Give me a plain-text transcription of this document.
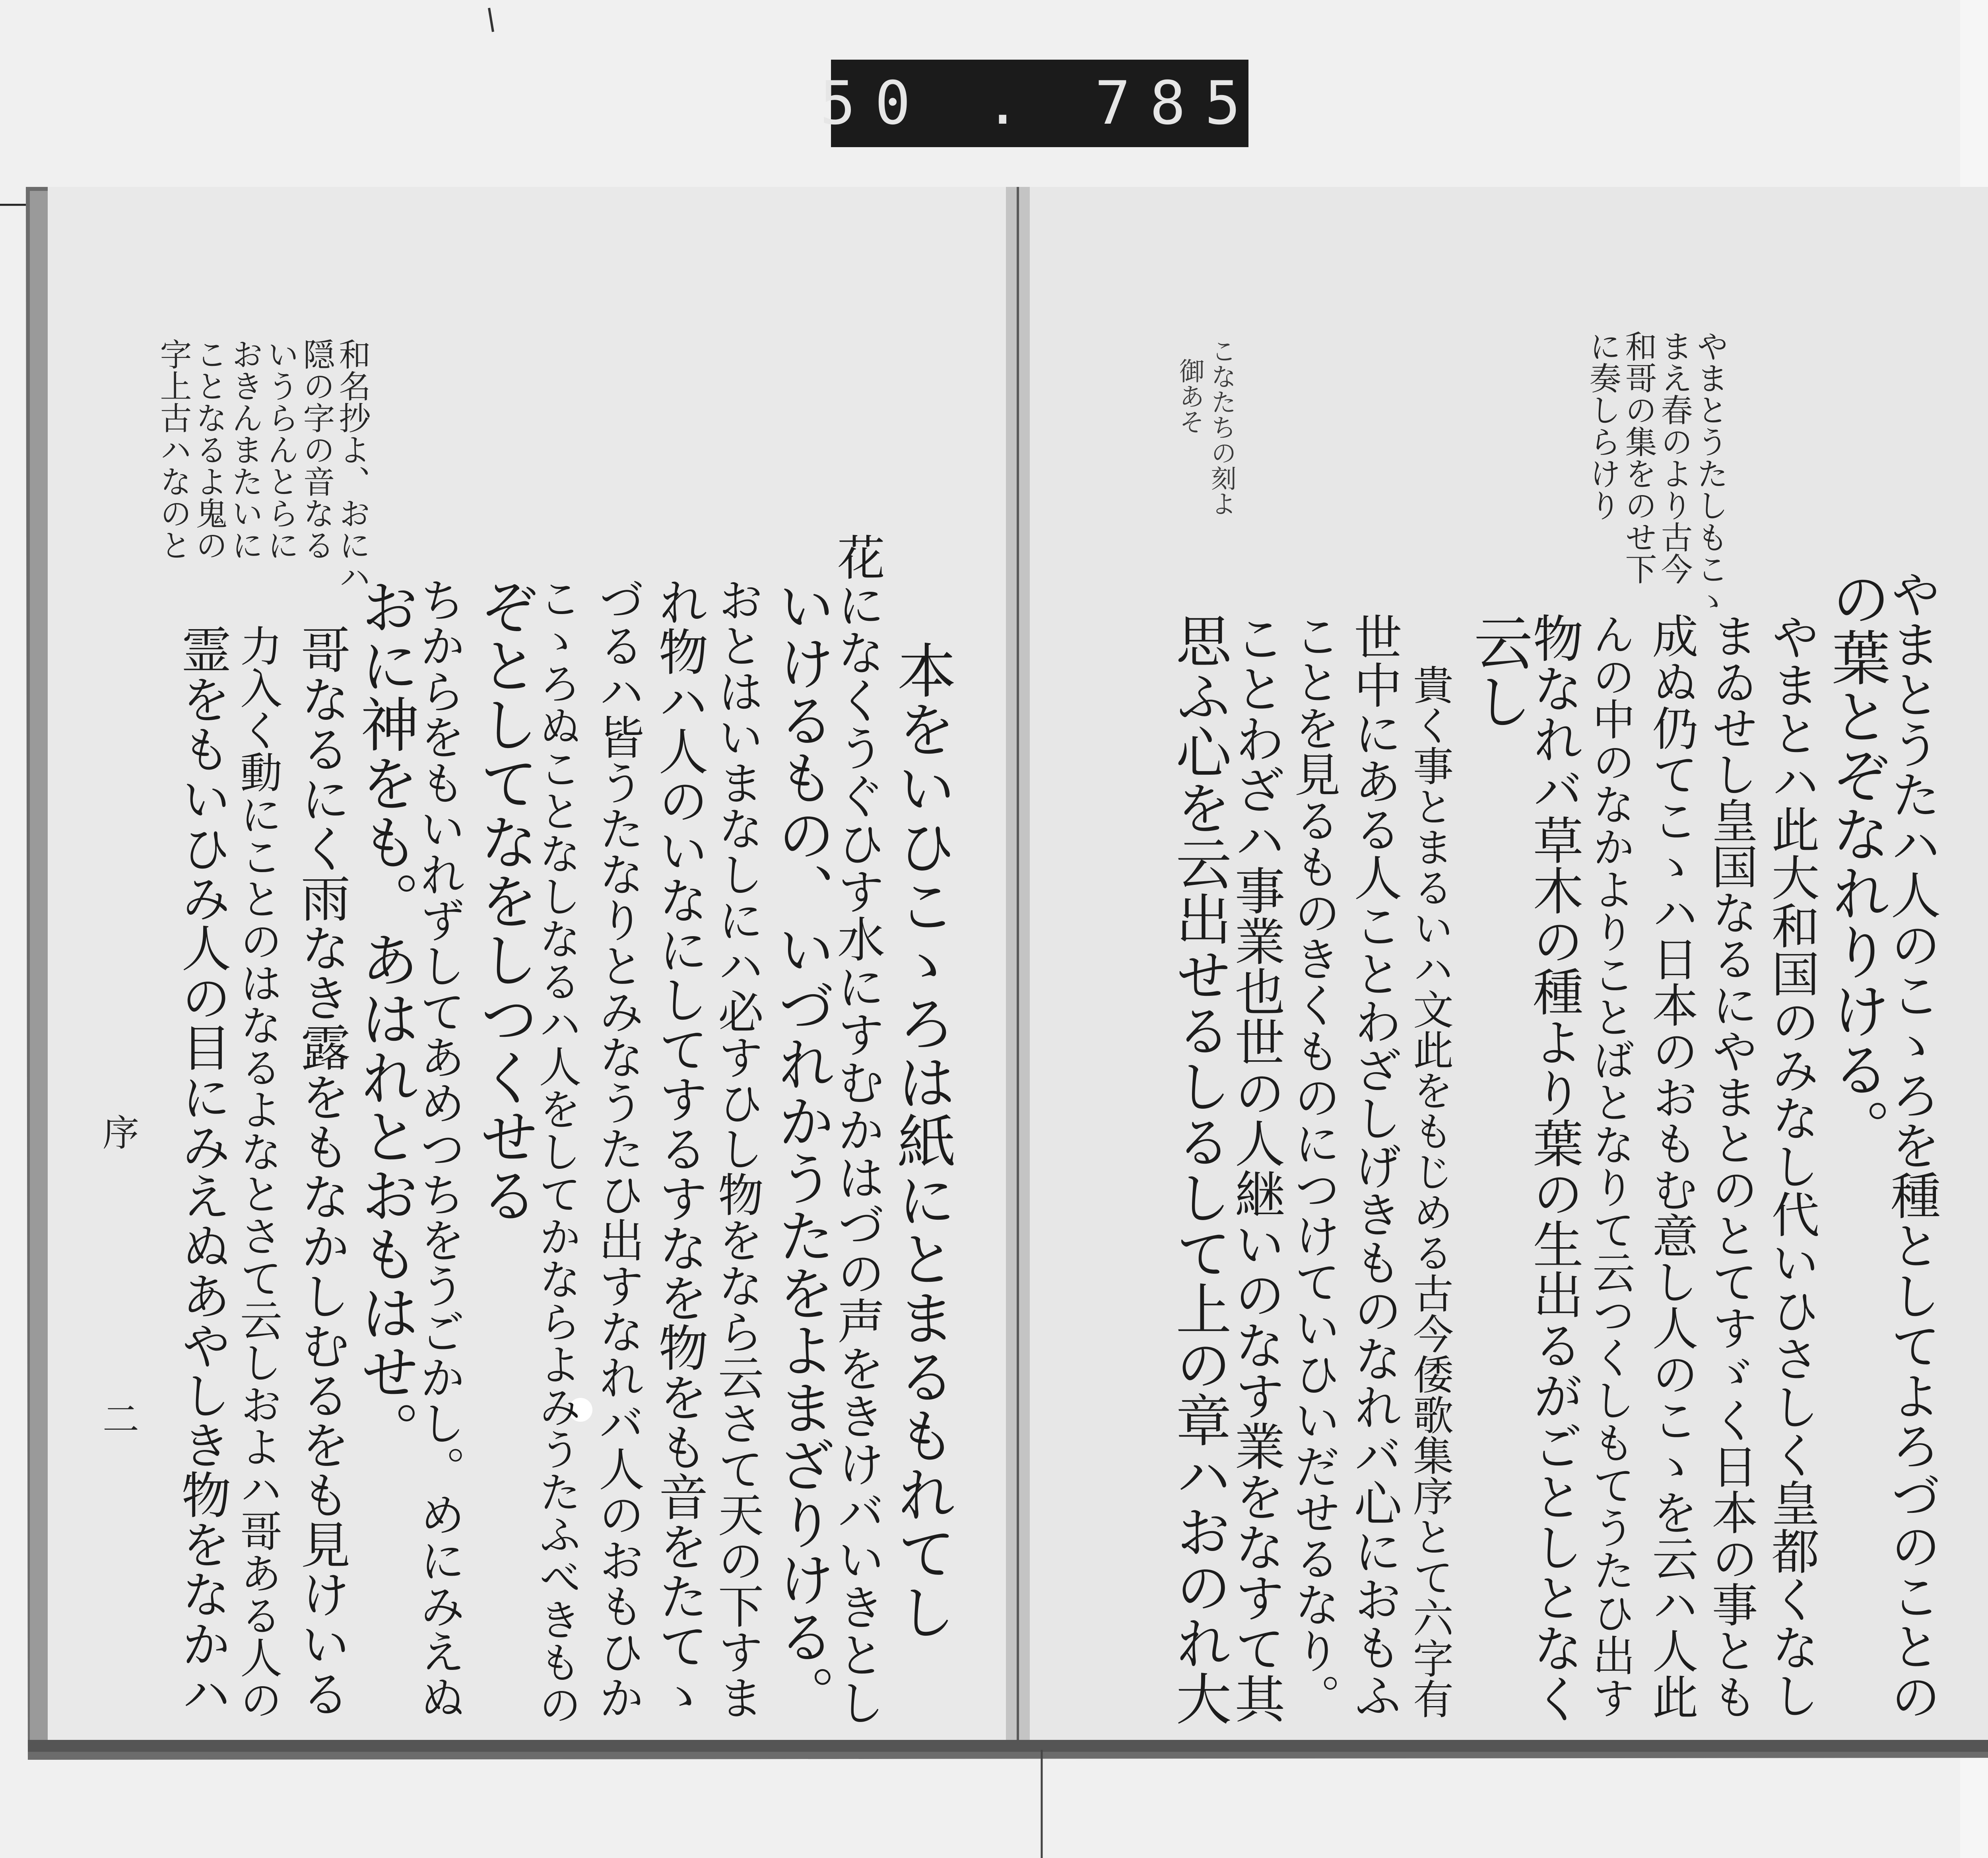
50 . 785
やまとうたしもこゝ
まえ春のより古今
和哥の集をのせ下
に奏しらけり
こなたちの刻よ
御あそ
やまとうたハ人のこゝろを種としてよろづのことの
の葉とぞなれりける。
やまとハ此大和国のみなし代いひさしく皇都くなし
まゐせし皇国なるにやまとのとてすゞく日本の事とも
成ぬ仍てこゝハ日本のおもむ意し人のこゝを云ハ人此
んの中のなかよりことばとなりて云つくしもてうたひ出す
物なれバ草木の種より葉の生出るがごとしとなく
云し
貴く事とまるいハ文此をもじめる古今倭歌集序とて六字有
世中にある人ことわざしげきものなれバ心におもふ
ことを見るものきくものにつけていひいだせるなり。
ことわざハ事業也世の人継いのなす業をなすて其
思ふ心を云出せるしるして上の章ハおのれ大
和名抄よ、おにハ
隠の字の音なる
いうらんとらに
おきんまたいに
ことなるよ鬼の
字上古ハなのと
本をいひこゝろは紙にとまるもれてし
花になくうぐひす水にすむかはづの声をきけバいきとし
いけるもの、いづれかうたをよまざりける。
おとはいまなしにハ必すひし物をなら云さて天の下すま
れ物ハ人のいなにしてするすなを物をも音をたてゝ
づるハ皆うたなりとみなうたひ出すなれバ人のおもひか
こゝろぬことなしなるハ人をしてかならよみうたふべきもの
ぞとしてなをしつくせる
ちからをもいれずしてあめつちをうごかし。めにみえぬ
おに神をも。あはれとおもはせ。
哥なるにく雨なき露をもなかしむるをも見けいる
力入く動にことのはなるよなとさて云しおよハ哥ある人の
霊をもいひみ人の目にみえぬあやしき物をなかハ
序
二
